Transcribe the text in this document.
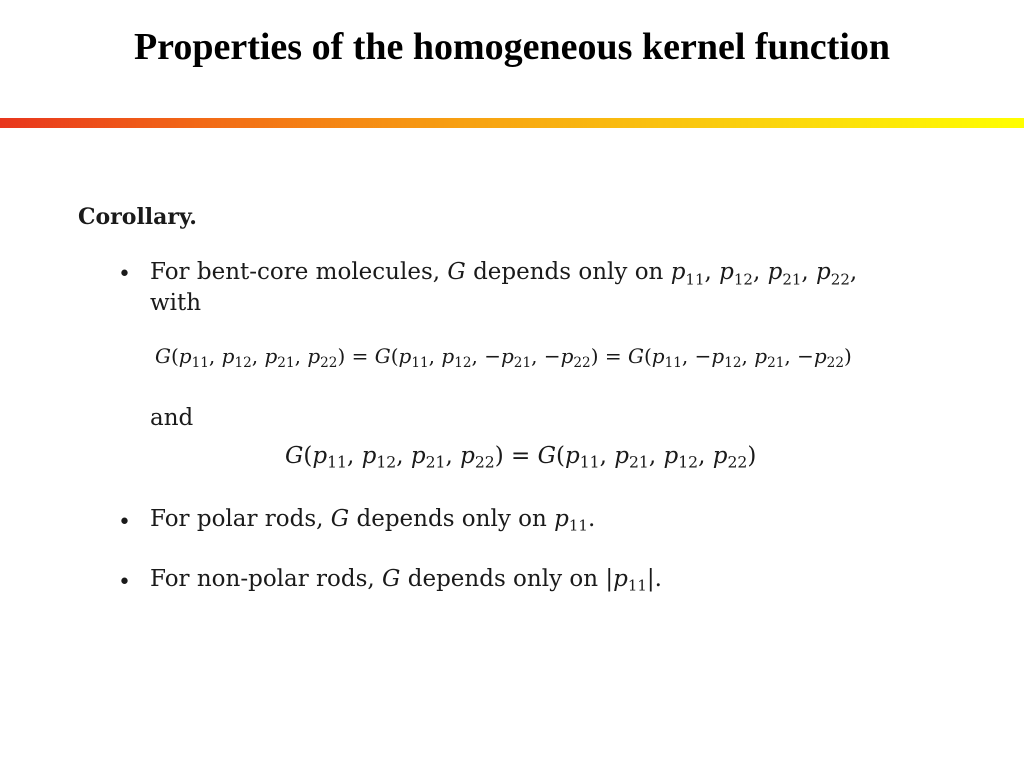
Properties of the homogeneous kernel function
Corollary.
• For bent-core molecules, G depends only on $p_{11}$, $p_{12}$, $p_{21}$, $p_{22}$,
with
$G(p_{11}$, $p_{12}$, $p_{21}$, $p_{22}) = G(p_{11}$, $p_{12}$, $-p_{21}$, $-p_{22}) = G(p_{11}$, $-p_{12}$, $p_{21}$, $-p_{22}$)
and
$G(p_{11}$, $p_{12}$, $p_{21}$, $p_{22}) = G(p_{11}$, $p_{21}$, $p_{12}$, $p_{22}$)
• For polar rods, G depends only on $p_{11}$.
• For non-polar rods, G depends only on $|p_{11}|$.
